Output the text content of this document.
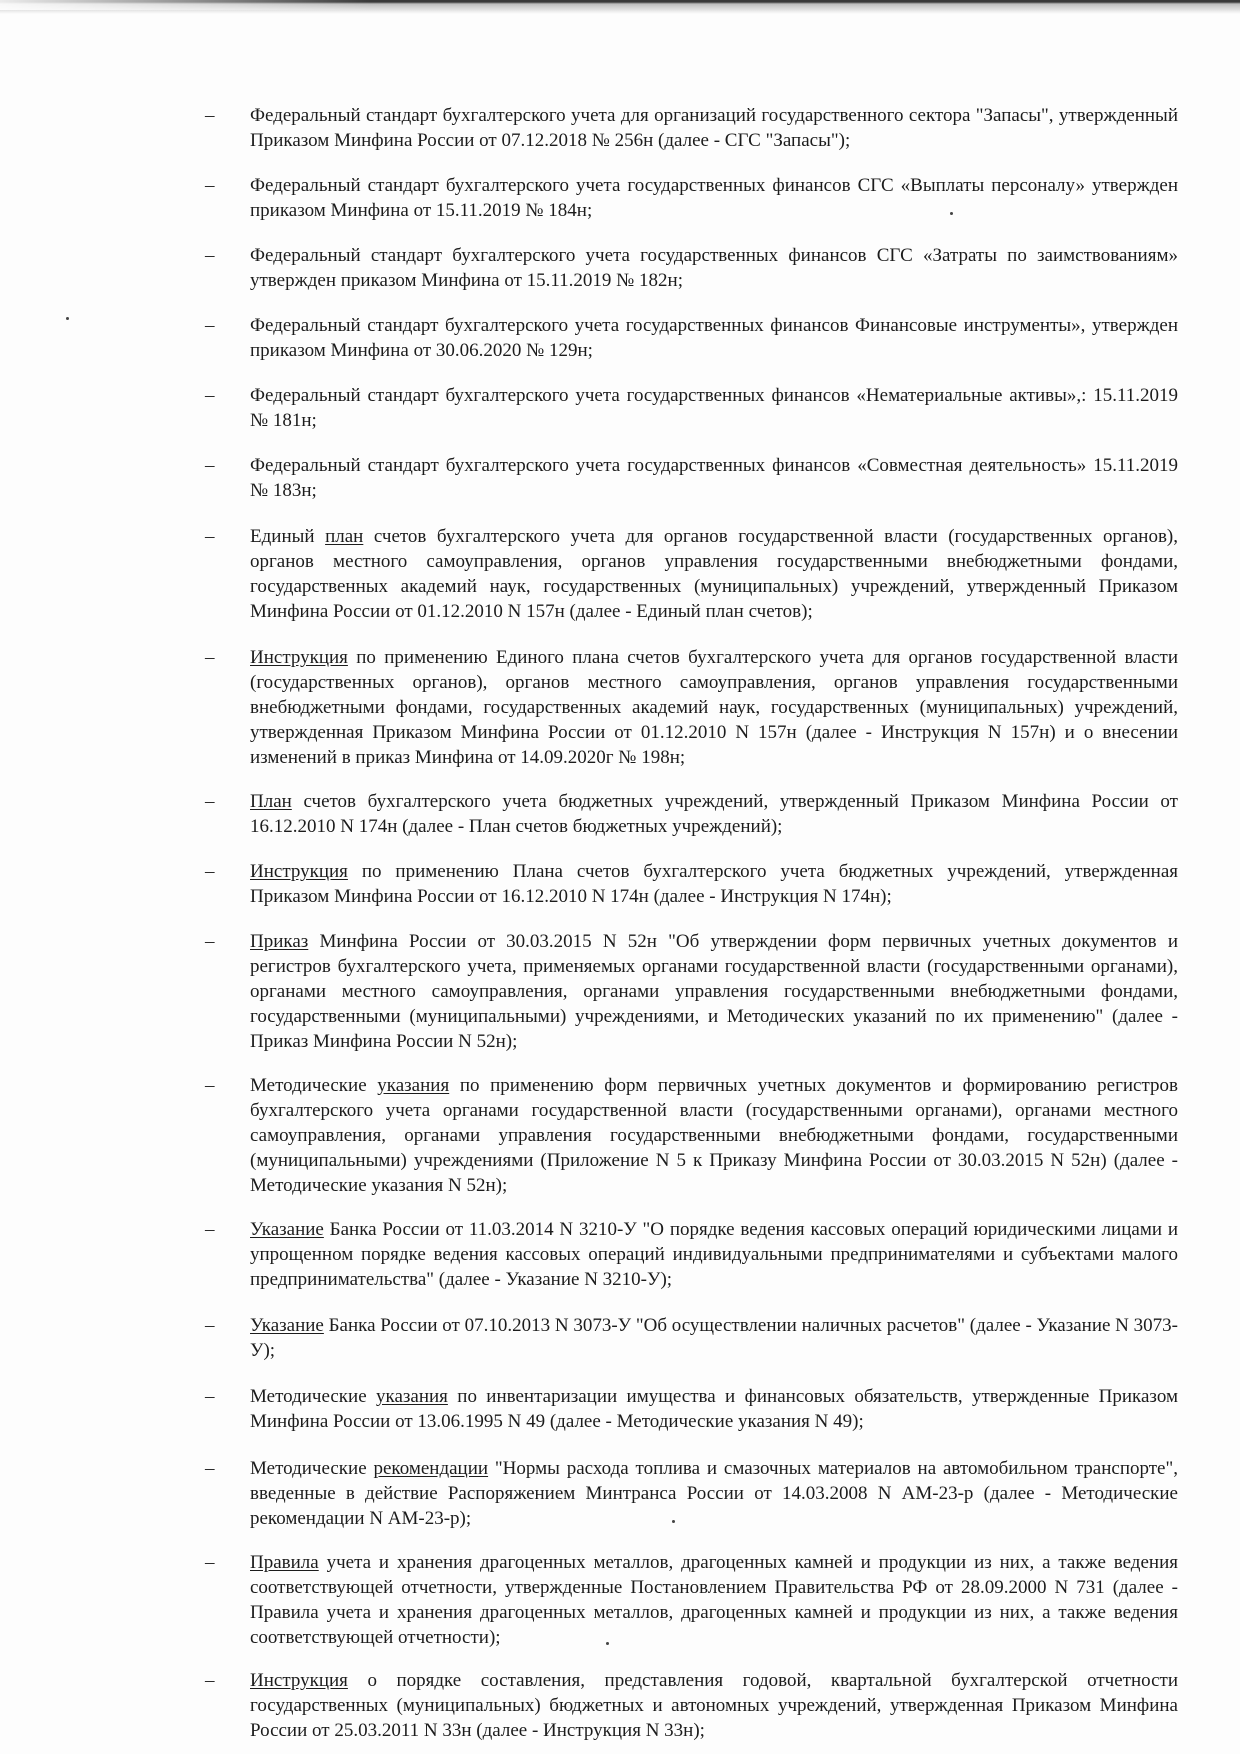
–	Федеральный стандарт бухгалтерского учета для организаций государственного сектора "Запасы", утвержденный Приказом Минфина России от 07.12.2018 № 256н (далее - СГС "Запасы");
–	Федеральный стандарт бухгалтерского учета государственных финансов СГС «Выплаты персоналу» утвержден приказом Минфина от 15.11.2019 № 184н;
–	Федеральный стандарт бухгалтерского учета государственных финансов СГС «Затраты по заимствованиям» утвержден приказом Минфина от 15.11.2019 № 182н;
–	Федеральный стандарт бухгалтерского учета государственных финансов Финансовые инструменты», утвержден приказом Минфина от 30.06.2020 № 129н;
–	Федеральный стандарт бухгалтерского учета государственных финансов «Нематериальные активы»,: 15.11.2019 № 181н;
–	Федеральный стандарт бухгалтерского учета государственных финансов «Совместная деятельность» 15.11.2019 № 183н;
–	Единый план счетов бухгалтерского учета для органов государственной власти (государственных органов), органов местного самоуправления, органов управления государственными внебюджетными фондами, государственных академий наук, государственных (муниципальных) учреждений, утвержденный Приказом Минфина России от 01.12.2010 N 157н (далее - Единый план счетов);
–	Инструкция по применению Единого плана счетов бухгалтерского учета для органов государственной власти (государственных органов), органов местного самоуправления, органов управления государственными внебюджетными фондами, государственных академий наук, государственных (муниципальных) учреждений, утвержденная Приказом Минфина России от 01.12.2010 N 157н (далее - Инструкция N 157н) и о внесении изменений в приказ Минфина от 14.09.2020г № 198н;
–	План счетов бухгалтерского учета бюджетных учреждений, утвержденный Приказом Минфина России от 16.12.2010 N 174н (далее - План счетов бюджетных учреждений);
–	Инструкция по применению Плана счетов бухгалтерского учета бюджетных учреждений, утвержденная Приказом Минфина России от 16.12.2010 N 174н (далее - Инструкция N 174н);
–	Приказ Минфина России от 30.03.2015 N 52н "Об утверждении форм первичных учетных документов и регистров бухгалтерского учета, применяемых органами государственной власти (государственными органами), органами местного самоуправления, органами управления государственными внебюджетными фондами, государственными (муниципальными) учреждениями, и Методических указаний по их применению" (далее - Приказ Минфина России N 52н);
–	Методические указания по применению форм первичных учетных документов и формированию регистров бухгалтерского учета органами государственной власти (государственными органами), органами местного самоуправления, органами управления государственными внебюджетными фондами, государственными (муниципальными) учреждениями (Приложение N 5 к Приказу Минфина России от 30.03.2015 N 52н) (далее - Методические указания N 52н);
–	Указание Банка России от 11.03.2014 N 3210-У "О порядке ведения кассовых операций юридическими лицами и упрощенном порядке ведения кассовых операций индивидуальными предпринимателями и субъектами малого предпринимательства" (далее - Указание N 3210-У);
–	Указание Банка России от 07.10.2013 N 3073-У "Об осуществлении наличных расчетов" (далее - Указание N 3073-У);
–	Методические указания по инвентаризации имущества и финансовых обязательств, утвержденные Приказом Минфина России от 13.06.1995 N 49 (далее - Методические указания N 49);
–	Методические рекомендации "Нормы расхода топлива и смазочных материалов на автомобильном транспорте", введенные в действие Распоряжением Минтранса России от 14.03.2008 N АМ-23-р (далее - Методические рекомендации N АМ-23-р);
–	Правила учета и хранения драгоценных металлов, драгоценных камней и продукции из них, а также ведения соответствующей отчетности, утвержденные Постановлением Правительства РФ от 28.09.2000 N 731 (далее - Правила учета и хранения драгоценных металлов, драгоценных камней и продукции из них, а также ведения соответствующей отчетности);
–	Инструкция о порядке составления, представления годовой, квартальной бухгалтерской отчетности государственных (муниципальных) бюджетных и автономных учреждений, утвержденная Приказом Минфина России от 25.03.2011 N 33н (далее - Инструкция N 33н);
